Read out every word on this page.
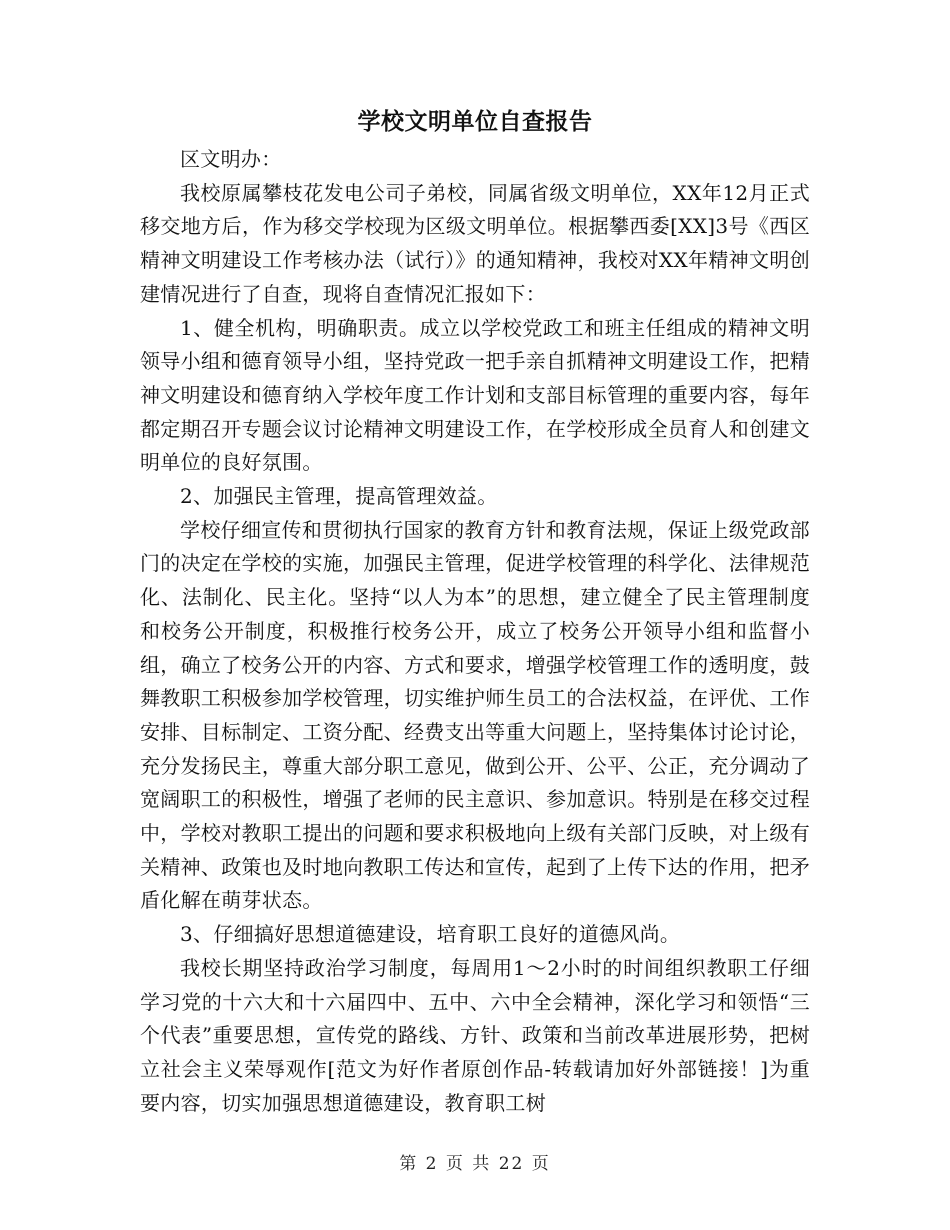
学校文明单位自查报告

区文明办：

我校原属攀枝花发电公司子弟校，同属省级文明单位，XX年12月正式移交地方后，作为移交学校现为区级文明单位。根据攀西委[XX]3号《西区精神文明建设工作考核办法（试行）》的通知精神，我校对XX年精神文明创建情况进行了自查，现将自查情况汇报如下：

1、健全机构，明确职责。成立以学校党政工和班主任组成的精神文明领导小组和德育领导小组，坚持党政一把手亲自抓精神文明建设工作，把精神文明建设和德育纳入学校年度工作计划和支部目标管理的重要内容，每年都定期召开专题会议讨论精神文明建设工作，在学校形成全员育人和创建文明单位的良好氛围。

2、加强民主管理，提高管理效益。

学校仔细宣传和贯彻执行国家的教育方针和教育法规，保证上级党政部门的决定在学校的实施，加强民主管理，促进学校管理的科学化、法律规范化、法制化、民主化。坚持“以人为本”的思想，建立健全了民主管理制度和校务公开制度，积极推行校务公开，成立了校务公开领导小组和监督小组，确立了校务公开的内容、方式和要求，增强学校管理工作的透明度，鼓舞教职工积极参加学校管理，切实维护师生员工的合法权益，在评优、工作安排、目标制定、工资分配、经费支出等重大问题上，坚持集体讨论讨论，充分发扬民主，尊重大部分职工意见，做到公开、公平、公正，充分调动了宽阔职工的积极性，增强了老师的民主意识、参加意识。特别是在移交过程中，学校对教职工提出的问题和要求积极地向上级有关部门反映，对上级有关精神、政策也及时地向教职工传达和宣传，起到了上传下达的作用，把矛盾化解在萌芽状态。

3、仔细搞好思想道德建设，培育职工良好的道德风尚。

我校长期坚持政治学习制度，每周用1～2小时的时间组织教职工仔细学习党的十六大和十六届四中、五中、六中全会精神，深化学习和领悟“三个代表”重要思想，宣传党的路线、方针、政策和当前改革进展形势，把树立社会主义荣辱观作[范文为好作者原创作品-转载请加好外部链接！]为重要内容，切实加强思想道德建设，教育职工树

第 2 页 共 22 页
